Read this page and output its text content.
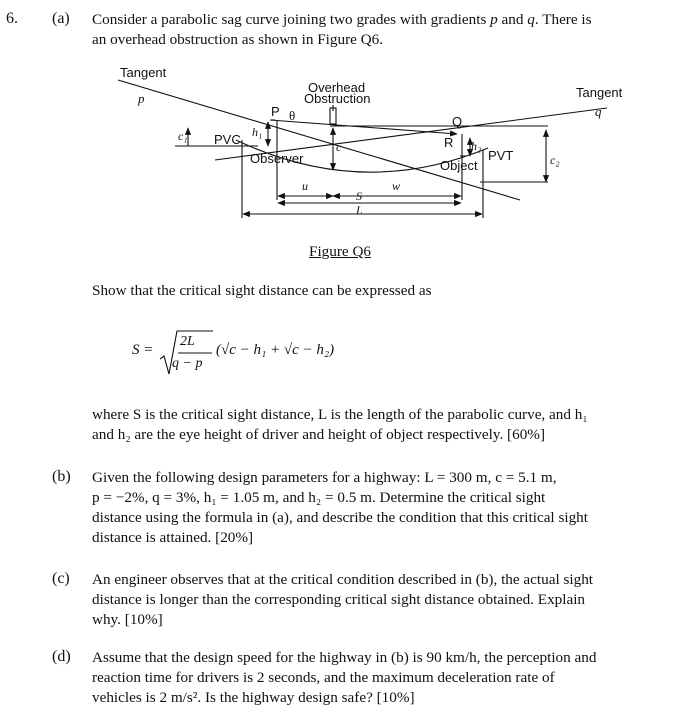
6. (a) Consider a parabolic sag curve joining two grades with gradients p and q. There is
an overhead obstruction as shown in Figure Q6.
Tangent
p
Overhead
Obstruction	Tangent
q
P θ	Q
c₁ PVC h₁
c	R h₂
PVT	c₂
Observer	Object
u
S
w
L
Figure Q6
Show that the critical sight distance can be expressed as
S =
2L
q − p
(√c − h₁ + √c − h₂)
where S is the critical sight distance, L is the length of the parabolic curve, and h₁
and h₂ are the eye height of driver and height of object respectively. [60%]
(b) Given the following design parameters for a highway: L = 300 m, c = 5.1 m,
p = −2%, q = 3%, h₁ = 1.05 m, and h₂ = 0.5 m. Determine the critical sight
distance using the formula in (a), and describe the condition that this critical sight
distance is attained. [20%]
(c) An engineer observes that at the critical condition described in (b), the actual sight
distance is longer than the corresponding critical sight distance obtained. Explain
why. [10%]
(d) Assume that the design speed for the highway in (b) is 90 km/h, the perception and
reaction time for drivers is 2 seconds, and the maximum deceleration rate of
vehicles is 2 m/s². Is the highway design safe? [10%]
